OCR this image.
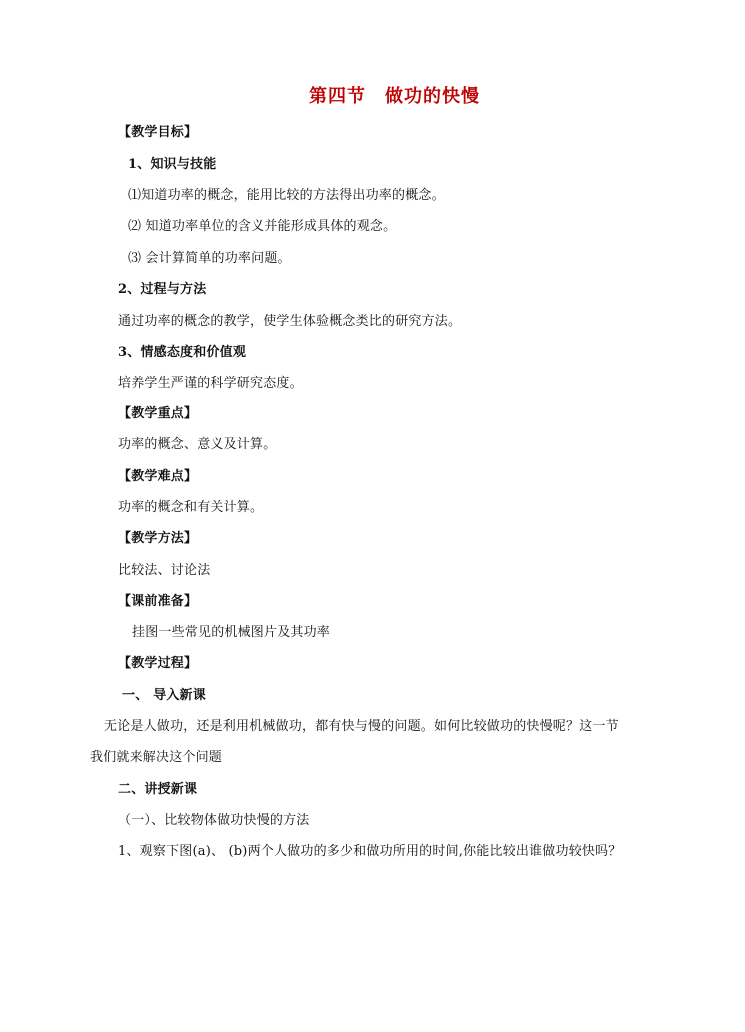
第四节　做功的快慢
【教学目标】
1、知识与技能
⑴知道功率的概念，能用比较的方法得出功率的概念。
⑵ 知道功率单位的含义并能形成具体的观念。
⑶ 会计算简单的功率问题。
2、过程与方法
通过功率的概念的教学，使学生体验概念类比的研究方法。
3、情感态度和价值观
培养学生严谨的科学研究态度。
【教学重点】
功率的概念、意义及计算。
【教学难点】
功率的概念和有关计算。
【教学方法】
比较法、讨论法
【课前准备】
挂图一些常见的机械图片及其功率
【教学过程】
一、 导入新课
无论是人做功，还是利用机械做功，都有快与慢的问题。如何比较做功的快慢呢？这一节
我们就来解决这个问题
二、讲授新课
（一）、比较物体做功快慢的方法
1、观察下图(a)、 (b)两个人做功的多少和做功所用的时间,你能比较出谁做功较快吗？
